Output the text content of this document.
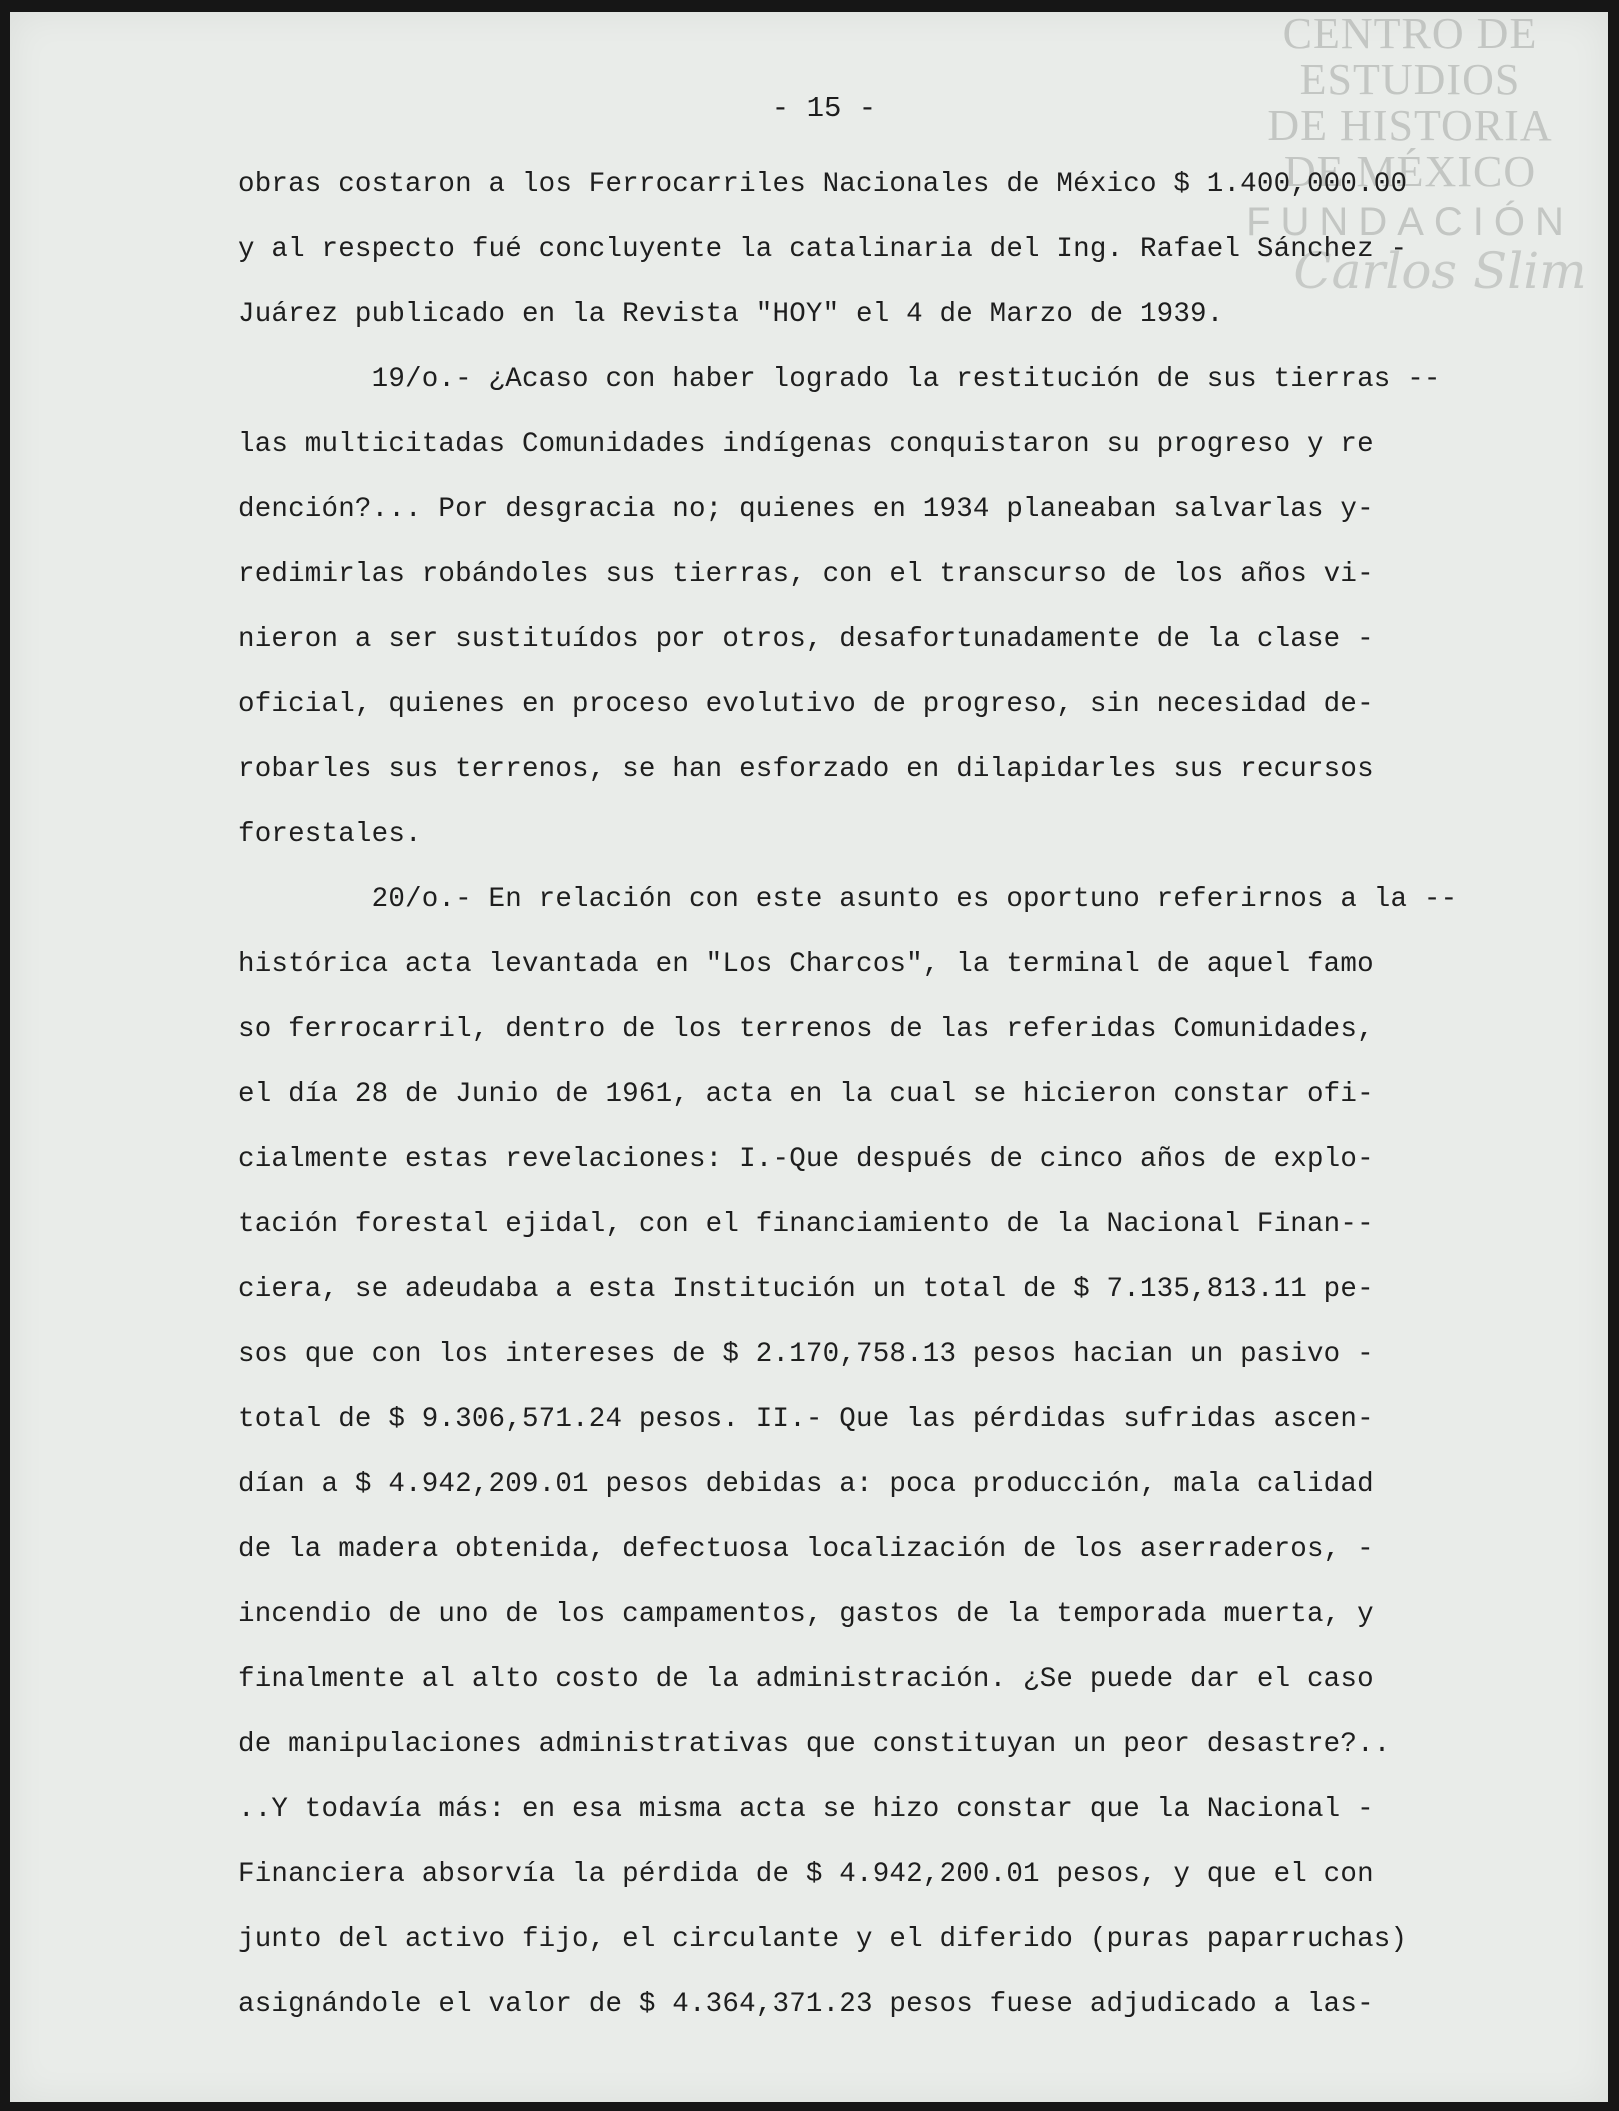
CENTRO DE
ESTUDIOS
DE HISTORIA
DE MÉXICO
FUNDACIÓN
Carlos Slim
- 15 -
obras costaron a los Ferrocarriles Nacionales de México $ 1.400,000.00
y al respecto fué concluyente la catalinaria del Ing. Rafael Sánchez -
Juárez publicado en la Revista "HOY" el 4 de Marzo de 1939.
19/o.- ¿Acaso con haber logrado la restitución de sus tierras --
las multicitadas Comunidades indígenas conquistaron su progreso y re
dención?... Por desgracia no; quienes en 1934 planeaban salvarlas y-
redimirlas robándoles sus tierras, con el transcurso de los años vi-
nieron a ser sustituídos por otros, desafortunadamente de la clase -
oficial, quienes en proceso evolutivo de progreso, sin necesidad de-
robarles sus terrenos, se han esforzado en dilapidarles sus recursos
forestales.
20/o.- En relación con este asunto es oportuno referirnos a la --
histórica acta levantada en "Los Charcos", la terminal de aquel famo
so ferrocarril, dentro de los terrenos de las referidas Comunidades,
el día 28 de Junio de 1961, acta en la cual se hicieron constar ofi-
cialmente estas revelaciones: I.-Que después de cinco años de explo-
tación forestal ejidal, con el financiamiento de la Nacional Finan--
ciera, se adeudaba a esta Institución un total de $ 7.135,813.11 pe-
sos que con los intereses de $ 2.170,758.13 pesos hacian un pasivo -
total de $ 9.306,571.24 pesos. II.- Que las pérdidas sufridas ascen-
dían a $ 4.942,209.01 pesos debidas a: poca producción, mala calidad
de la madera obtenida, defectuosa localización de los aserraderos, -
incendio de uno de los campamentos, gastos de la temporada muerta, y
finalmente al alto costo de la administración. ¿Se puede dar el caso
de manipulaciones administrativas que constituyan un peor desastre?..
..Y todavía más: en esa misma acta se hizo constar que la Nacional -
Financiera absorvía la pérdida de $ 4.942,200.01 pesos, y que el con
junto del activo fijo, el circulante y el diferido (puras paparruchas)
asignándole el valor de $ 4.364,371.23 pesos fuese adjudicado a las-
